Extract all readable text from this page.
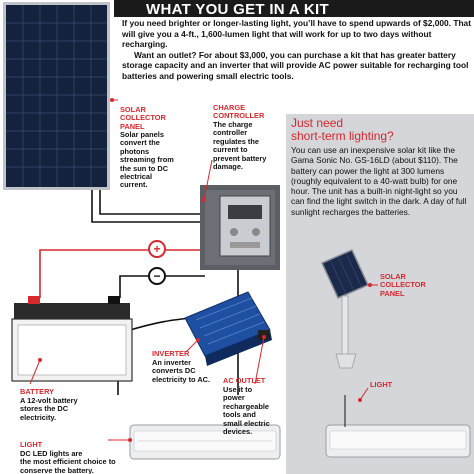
WHAT YOU GET IN A KIT

If you need brighter or longer-lasting light, you’ll have to spend upwards of $2,000. That will give you a 4-ft., 1,600-lumen light that will work for up to two days without recharging.

Want an outlet? For about $3,000, you can purchase a kit that has greater battery storage capacity and an inverter that will provide AC power suitable for recharging tool batteries and powering small electric tools.

Just need
short-term lighting?
You can use an inexpensive solar kit like the Gama Sonic No. GS-16LD (about $110). The battery can power the light at 300 lumens (roughly equivalent to a 40-watt bulb) for one hour. The unit has a built-in night-light so you can find the light switch in the dark. A day of full sunlight recharges the batteries.
+
−
SOLAR
COLLECTOR
PANEL
Solar panels
convert the
photons
streaming from
the sun to DC
electrical
current.
CHARGE
CONTROLLER
The charge
controller
regulates the
current to
prevent battery
damage.
INVERTER
An inverter
converts DC
electricity to AC. AC OUTLET
Use it to
power
rechargeable
tools and
small electric
devices.
BATTERY
A 12-volt battery
stores the DC
electricity.
LIGHT
DC LED lights are
the most efficient choice to
conserve the battery.
SOLAR
COLLECTOR
PANEL
LIGHT
